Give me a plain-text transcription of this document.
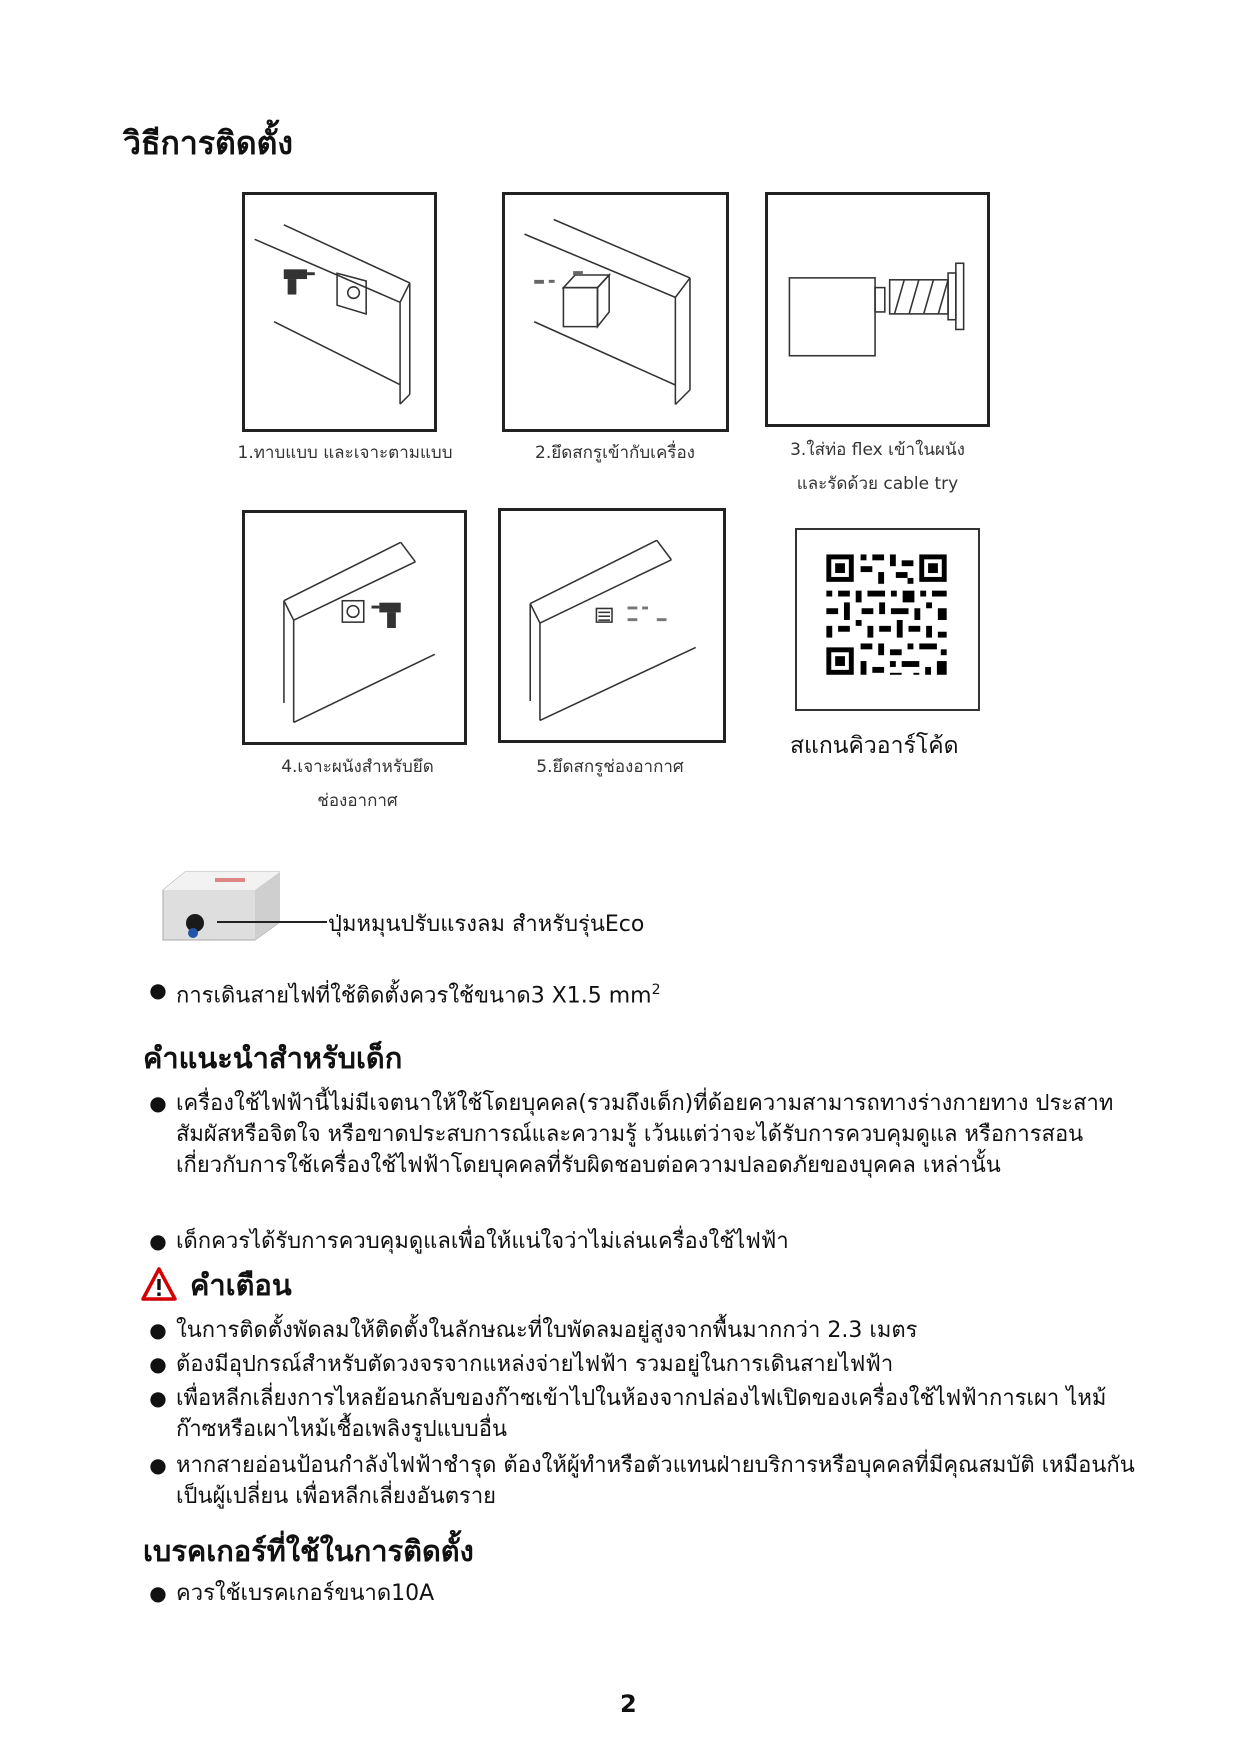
วิธีการติดตั้ง
1.ทาบแบบ และเจาะตามแบบ	2.ยึดสกรูเข้ากับเครื่อง	3.ใส่ท่อ flex เข้าในผนัง
และรัดด้วย cable try
4.เจาะผนังสำหรับยึด
ช่องอากาศ
5.ยึดสกรูช่องอากาศ
สแกนคิวอาร์โค้ด
ปุ่มหมุนปรับแรงลม สำหรับรุ่นEco
● การเดินสายไฟที่ใช้ติดตั้งควรใช้ขนาด3 X1.5 $mm^2$
คำแนะนำสำหรับเด็ก
● เครื่องใช้ไฟฟ้านี้ไม่มีเจตนาให้ใช้โดยบุคคล(รวมถึงเด็ก)ที่ด้อยความสามารถทางร่างกายทาง ประสาทสัมผัสหรือจิตใจ หรือขาดประสบการณ์และความรู้ เว้นแต่ว่าจะได้รับการควบคุมดูแล หรือการสอนเกี่ยวกับการใช้เครื่องใช้ไฟฟ้าโดยบุคคลที่รับผิดชอบต่อความปลอดภัยของบุคคล เหล่านั้น
● เด็กควรได้รับการควบคุมดูแลเพื่อให้แน่ใจว่าไม่เล่นเครื่องใช้ไฟฟ้า
คำเตือน
● ในการติดตั้งพัดลมให้ติดตั้งในลักษณะที่ใบพัดลมอยู่สูงจากพื้นมากกว่า 2.3 เมตร
● ต้องมีอุปกรณ์สำหรับตัดวงจรจากแหล่งจ่ายไฟฟ้า รวมอยู่ในการเดินสายไฟฟ้า
● เพื่อหลีกเลี่ยงการไหลย้อนกลับของก๊าซเข้าไปในห้องจากปล่องไฟเปิดของเครื่องใช้ไฟฟ้าการเผา ไหม้ก๊าซหรือเผาไหม้เชื้อเพลิงรูปแบบอื่น
● หากสายอ่อนป้อนกำลังไฟฟ้าชำรุด ต้องให้ผู้ทำหรือตัวแทนฝ่ายบริการหรือบุคคลที่มีคุณสมบัติ เหมือนกันเป็นผู้เปลี่ยน เพื่อหลีกเลี่ยงอันตราย
เบรคเกอร์ที่ใช้ในการติดตั้ง
● ควรใช้เบรคเกอร์ขนาด10A
2
